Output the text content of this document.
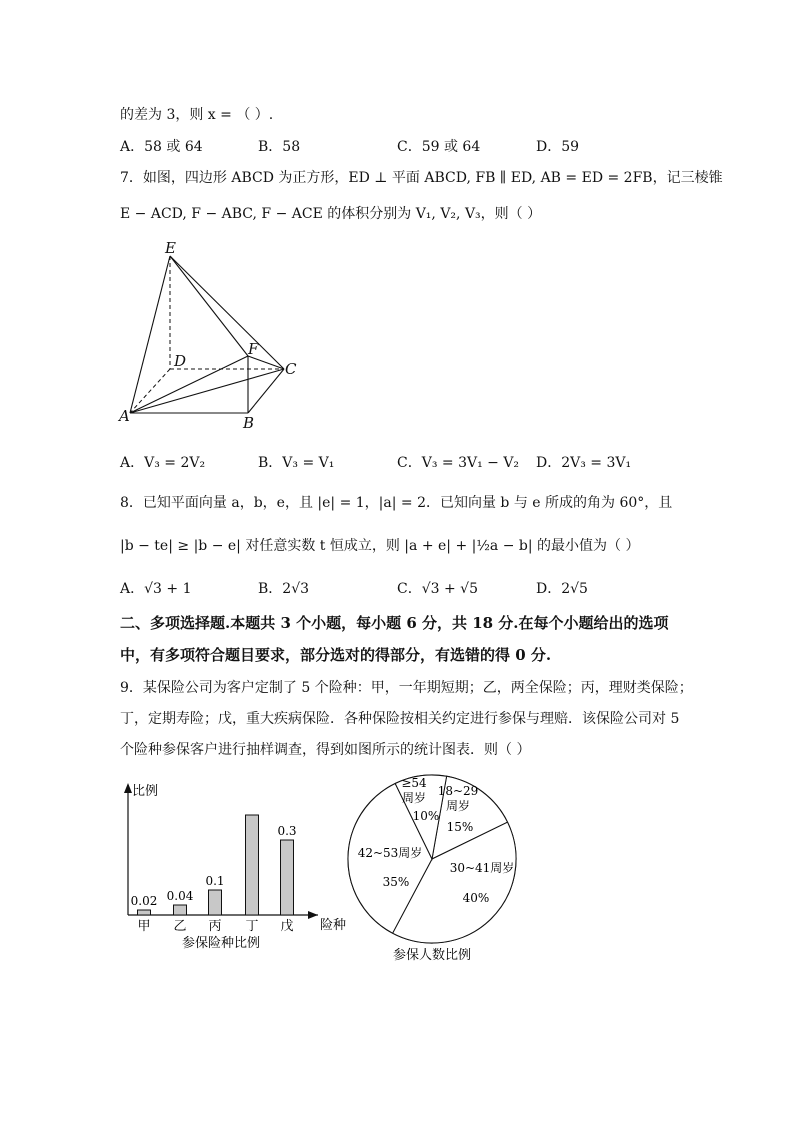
的差为 3，则 x = （ ）.
A．58 或 64	B．58	C．59 或 64	D．59
7．如图，四边形 ABCD 为正方形，ED ⊥ 平面 ABCD, FB ∥ ED, AB = ED = 2FB，记三棱锥
E − ACD, F − ABC, F − ACE 的体积分别为 V₁, V₂, V₃，则（ ）
E
D
F
C
A	B
A．V₃ = 2V₂	B．V₃ = V₁	C．V₃ = 3V₁ − V₂ D．2V₃ = 3V₁
8．已知平面向量 a，b，e，且 |e| = 1，|a| = 2．已知向量 b 与 e 所成的角为 60°，且
|b − te| ≥ |b − e| 对任意实数 t 恒成立，则 |a + e| + |½a − b| 的最小值为（ ）
A．√3 + 1	B．2√3	C．√3 + √5	D．2√5
二、多项选择题.本题共 3 个小题，每小题 6 分，共 18 分.在每个小题给出的选项
中，有多项符合题目要求，部分选对的得部分，有选错的得 0 分.
9．某保险公司为客户定制了 5 个险种：甲，一年期短期；乙，两全保险；丙，理财类保险；
丁，定期寿险；戊，重大疾病保险．各种保险按相关约定进行参保与理赔．该保险公司对 5
个险种参保客户进行抽样调查，得到如图所示的统计图表．则（ ）
比例
险种
甲
0.02
乙
0.04
丙
0.1
丁 戊
0.3
参保险种比例
18~29
周岁
15%
30~41周岁
40%
42~53周岁
35%
≥54
周岁
10%
参保人数比例
